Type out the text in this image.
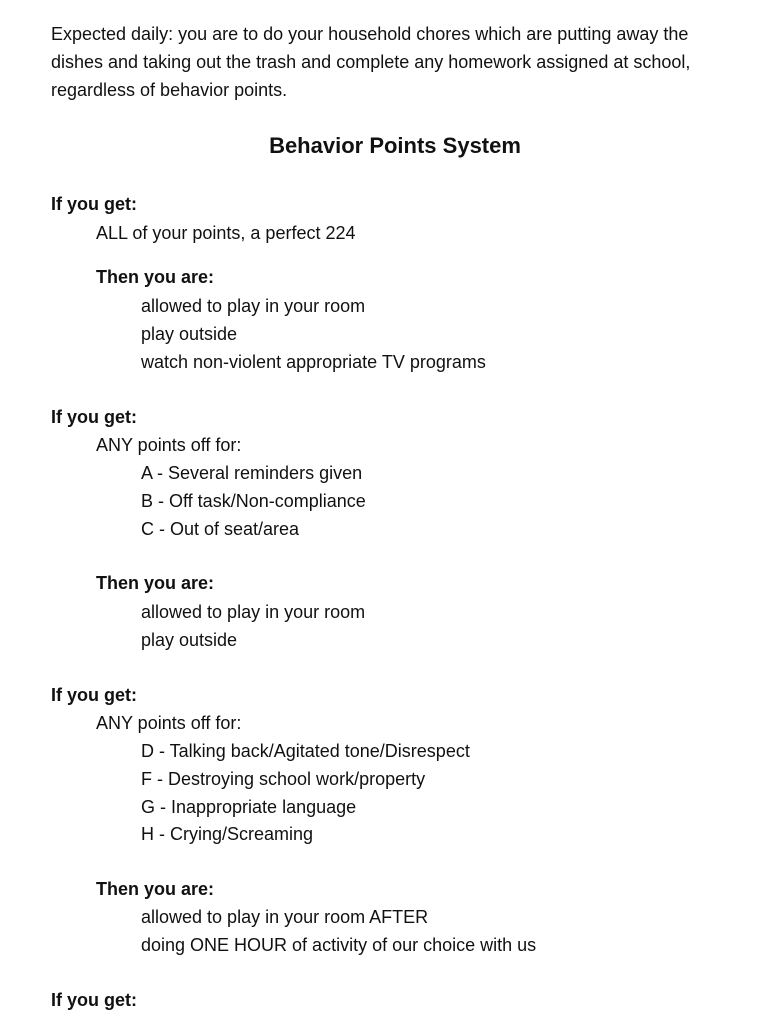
Expected daily: you are to do your household chores which are putting away the dishes and taking out the trash and complete any homework assigned at school, regardless of behavior points.
Behavior Points System
If you get:
ALL of your points, a perfect 224
Then you are:
allowed to play in your room
play outside
watch non-violent appropriate TV programs
If you get:
ANY points off for:
A - Several reminders given
B - Off task/Non-compliance
C - Out of seat/area
Then you are:
allowed to play in your room
play outside
If you get:
ANY points off for:
D - Talking back/Agitated tone/Disrespect
F - Destroying school work/property
G - Inappropriate language
H - Crying/Screaming
Then you are:
allowed to play in your room AFTER
doing ONE HOUR of activity of our choice with us
If you get:
